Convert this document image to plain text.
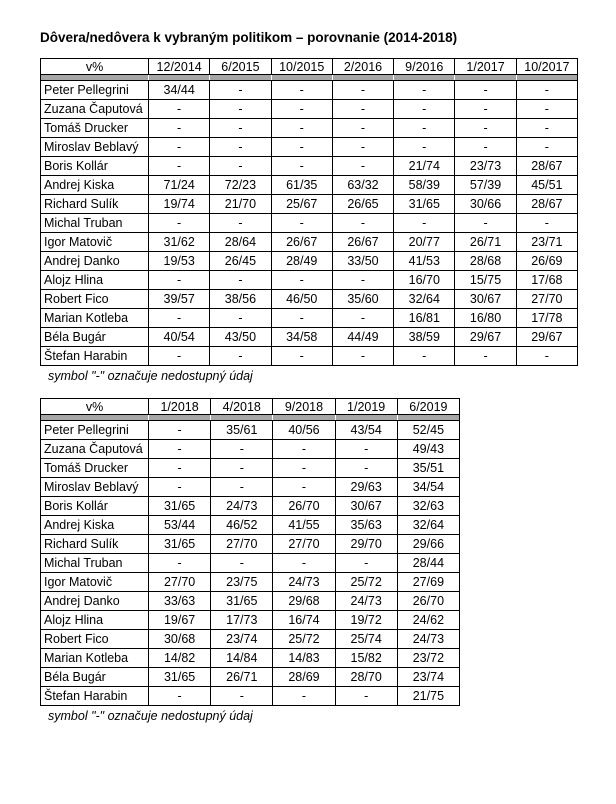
Dôvera/nedôvera k vybraným politikom – porovnanie (2014-2018)
v%	12/2014	6/2015	10/2015	2/2016	9/2016	1/2017	10/2017

Peter Pellegrini	34/44	-	-	-	-	-	-
Zuzana Čaputová	-	-	-	-	-	-	-
Tomáš Drucker	-	-	-	-	-	-	-
Miroslav Beblavý	-	-	-	-	-	-	-
Boris Kollár	-	-	-	-	21/74	23/73	28/67
Andrej Kiska	71/24	72/23	61/35	63/32	58/39	57/39	45/51
Richard Sulík	19/74	21/70	25/67	26/65	31/65	30/66	28/67
Michal Truban	-	-	-	-	-	-	-
Igor Matovič	31/62	28/64	26/67	26/67	20/77	26/71	23/71
Andrej Danko	19/53	26/45	28/49	33/50	41/53	28/68	26/69
Alojz Hlina	-	-	-	-	16/70	15/75	17/68
Robert Fico	39/57	38/56	46/50	35/60	32/64	30/67	27/70
Marian Kotleba	-	-	-	-	16/81	16/80	17/78
Béla Bugár	40/54	43/50	34/58	44/49	38/59	29/67	29/67
Štefan Harabin	-	-	-	-	-	-	-

symbol "-" označuje nedostupný údaj

v%	1/2018	4/2018	9/2018	1/2019	6/2019

Peter Pellegrini	-	35/61	40/56	43/54	52/45
Zuzana Čaputová	-	-	-	-	49/43
Tomáš Drucker	-	-	-	-	35/51
Miroslav Beblavý	-	-	-	29/63	34/54
Boris Kollár	31/65	24/73	26/70	30/67	32/63
Andrej Kiska	53/44	46/52	41/55	35/63	32/64
Richard Sulík	31/65	27/70	27/70	29/70	29/66
Michal Truban	-	-	-	-	28/44
Igor Matovič	27/70	23/75	24/73	25/72	27/69
Andrej Danko	33/63	31/65	29/68	24/73	26/70
Alojz Hlina	19/67	17/73	16/74	19/72	24/62
Robert Fico	30/68	23/74	25/72	25/74	24/73
Marian Kotleba	14/82	14/84	14/83	15/82	23/72
Béla Bugár	31/65	26/71	28/69	28/70	23/74
Štefan Harabin	-	-	-	-	21/75

symbol "-" označuje nedostupný údaj
